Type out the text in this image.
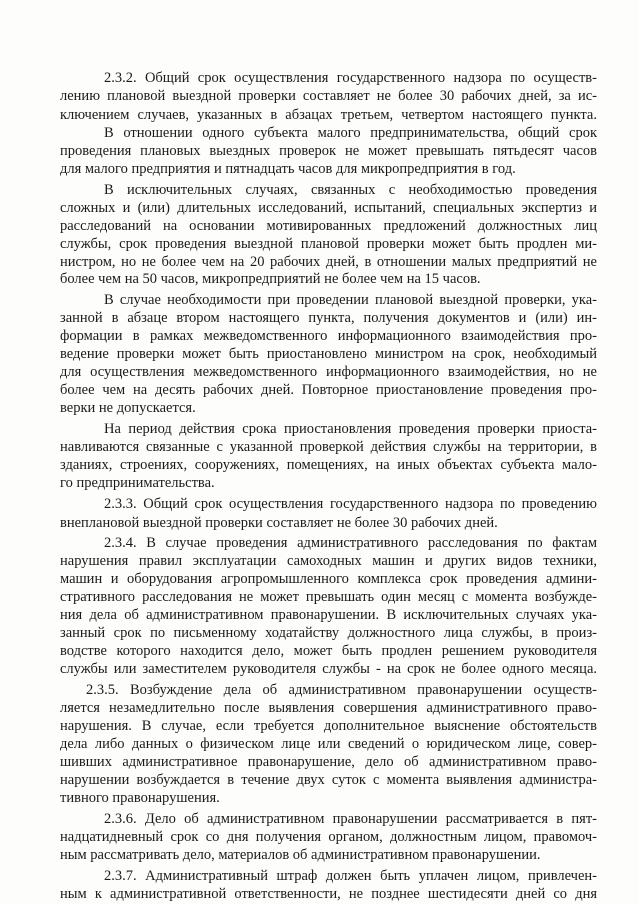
2.3.2. Общий срок осуществления государственного надзора по осуществ-
лению плановой выездной проверки составляет не более 30 рабочих дней, за ис-
ключением случаев, указанных в абзацах третьем, четвертом настоящего пункта.
В отношении одного субъекта малого предпринимательства, общий срок
проведения плановых выездных проверок не может превышать пятьдесят часов
для малого предприятия и пятнадцать часов для микропредприятия в год.
В исключительных случаях, связанных с необходимостью проведения
сложных и (или) длительных исследований, испытаний, специальных экспертиз и
расследований на основании мотивированных предложений должностных лиц
службы, срок проведения выездной плановой проверки может быть продлен ми-
нистром, но не более чем на 20 рабочих дней, в отношении малых предприятий не
более чем на 50 часов, микропредприятий не более чем на 15 часов.
В случае необходимости при проведении плановой выездной проверки, ука-
занной в абзаце втором настоящего пункта, получения документов и (или) ин-
формации в рамках межведомственного информационного взаимодействия про-
ведение проверки может быть приостановлено министром на срок, необходимый
для осуществления межведомственного информационного взаимодействия, но не
более чем на десять рабочих дней. Повторное приостановление проведения про-
верки не допускается.
На период действия срока приостановления проведения проверки приоста-
навливаются связанные с указанной проверкой действия службы на территории, в
зданиях, строениях, сооружениях, помещениях, на иных объектах субъекта мало-
го предпринимательства.
2.3.3. Общий срок осуществления государственного надзора по проведению
внеплановой выездной проверки составляет не более 30 рабочих дней.
2.3.4. В случае проведения административного расследования по фактам
нарушения правил эксплуатации самоходных машин и других видов техники,
машин и оборудования агропромышленного комплекса срок проведения админи-
стративного расследования не может превышать один месяц с момента возбужде-
ния дела об административном правонарушении. В исключительных случаях ука-
занный срок по письменному ходатайству должностного лица службы, в произ-
водстве которого находится дело, может быть продлен решением руководителя
службы или заместителем руководителя службы - на срок не более одного месяца.
2.3.5. Возбуждение дела об административном правонарушении осуществ-
ляется незамедлительно после выявления совершения административного право-
нарушения. В случае, если требуется дополнительное выяснение обстоятельств
дела либо данных о физическом лице или сведений о юридическом лице, совер-
шивших административное правонарушение, дело об административном право-
нарушении возбуждается в течение двух суток с момента выявления администра-
тивного правонарушения.
2.3.6. Дело об административном правонарушении рассматривается в пят-
надцатидневный срок со дня получения органом, должностным лицом, правомоч-
ным рассматривать дело, материалов об административном правонарушении.
2.3.7. Административный штраф должен быть уплачен лицом, привлечен-
ным к административной ответственности, не позднее шестидесяти дней со дня
